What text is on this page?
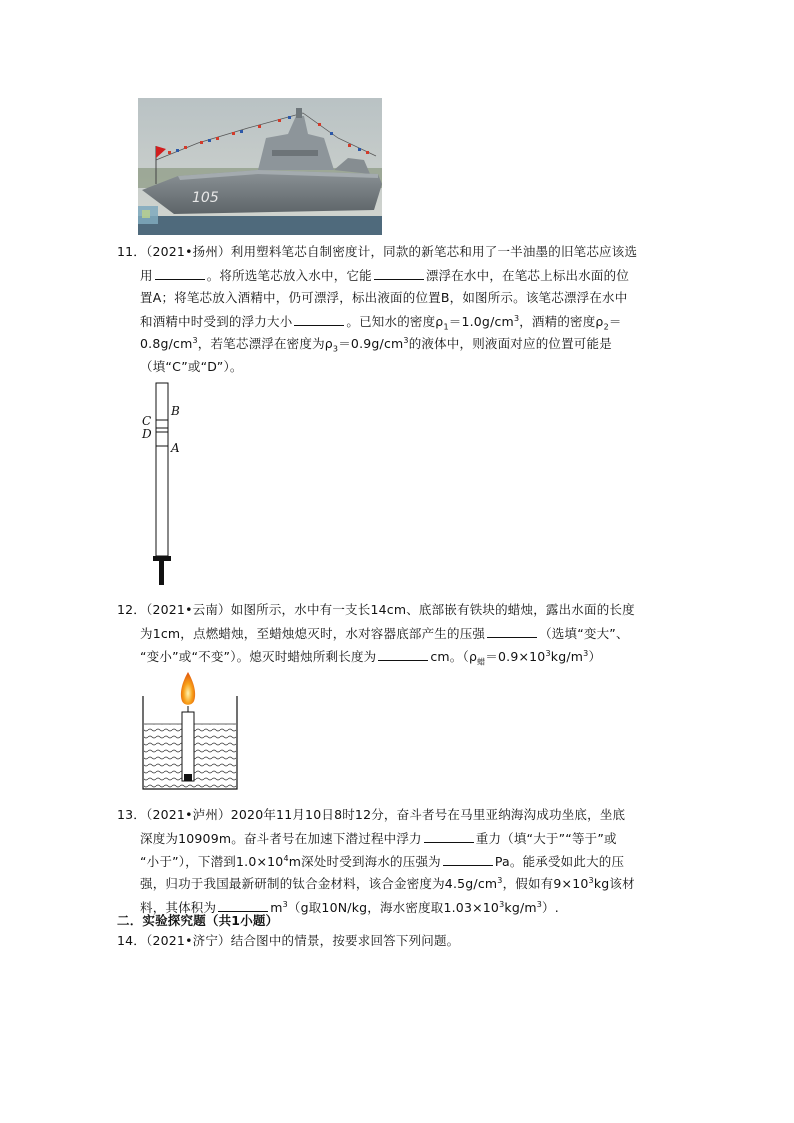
105
11．（2021•扬州）利用塑料笔芯自制密度计，同款的新笔芯和用了一半油墨的旧笔芯应该选
用	。将所选笔芯放入水中，它能	漂浮在水中，在笔芯上标出水面的位
置A；将笔芯放入酒精中，仍可漂浮，标出液面的位置B，如图所示。该笔芯漂浮在水中
和酒精中时受到的浮力大小	。已知水的密度$\rho_1=1.0g/cm^3$，酒精的密度$\rho_2=$
$0.8g/cm^3$，若笔芯漂浮在密度为$\rho_3=0.9g/cm^3$的液体中，则液面对应的位置可能是
（填“C”或“D”）。
B
C
D
A
12．（2021•云南）如图所示，水中有一支长14cm、底部嵌有铁块的蜡烛，露出水面的长度
为1cm，点燃蜡烛，至蜡烛熄灭时，水对容器底部产生的压强	（选填“变大”、
“变小”或“不变”）。熄灭时蜡烛所剩长度为	cm。$(\rho_蜡=0.9\times 10^3kg/m^3)$
13．（2021•泸州）2020年11月10日8时12分，奋斗者号在马里亚纳海沟成功坐底，坐底
深度为10909m。奋斗者号在加速下潜过程中浮力	重力（填“大于”“等于”或
“小于”），下潜到$1.0\times 10^4m$深处时受到海水的压强为	Pa。能承受如此大的压
强，归功于我国最新研制的钛合金材料，该合金密度为$4.5g/cm^3$，假如有$9\times 10^3kg$该材
料，其体积为	$m^3(g$取10N/kg，海水密度取$1.03\times 10^3kg/m^3$）.
二．实验探究题（共1小题）
14．（2021•济宁）结合图中的情景，按要求回答下列问题。
